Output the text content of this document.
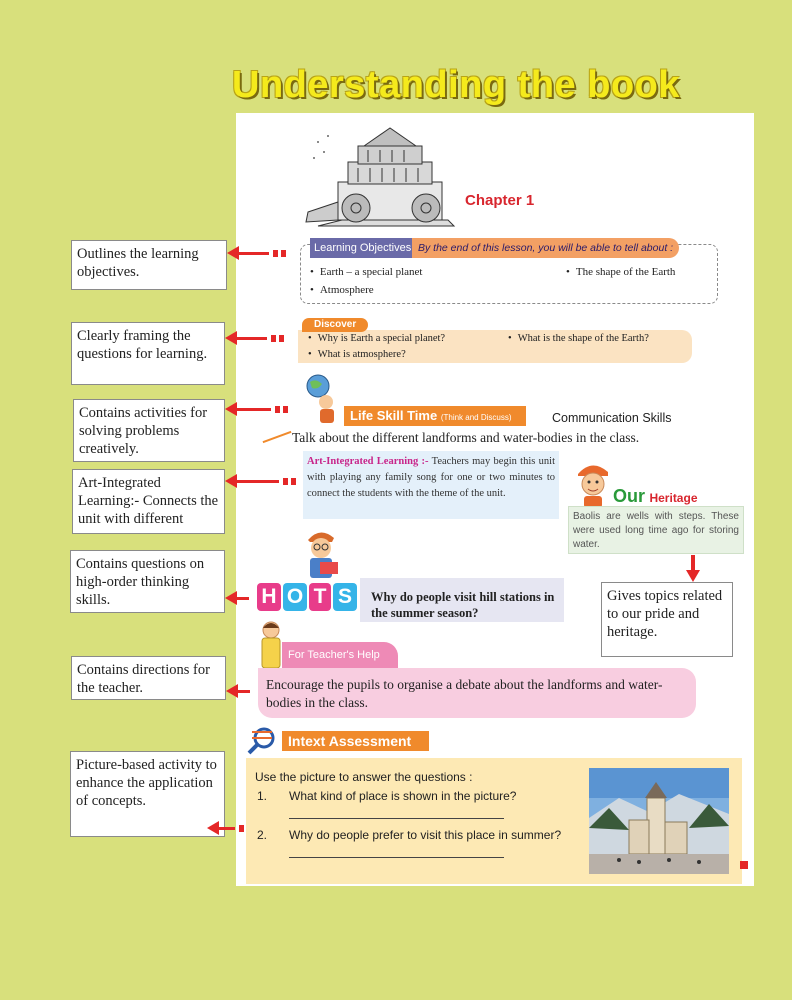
Understanding the book
Chapter 1
Learning Objectives By the end of this lesson, you will be able to tell about :
• Earth – a special planet	• The shape of the Earth
• Atmosphere
Discover
• Why is Earth a special planet?	• What is the shape of the Earth?
• What is atmosphere?
Life Skill Time (Think and Discuss)	Communication Skills
Talk about the different landforms and water-bodies in the class.
Art-Integrated Learning :- Teachers may begin this unit with playing any family song for one or two minutes to connect the students with the theme of the unit.	Our Heritage
Baolis are wells with steps. These were used long time ago for storing water.
H O T S	Why do people visit hill stations in the summer season?
For Teacher's Help
Encourage the pupils to organise a debate about the landforms and water- bodies in the class.
Intext Assessment
Use the picture to answer the questions :
1. What kind of place is shown in the picture?
2. Why do people prefer to visit this place in summer?
Outlines the learning objectives.
Clearly framing the questions for learning.
Contains activities for solving problems creatively.
Art-Integrated Learning:- Connects the unit with different
Contains questions on high-order thinking skills.
Contains directions for the teacher.
Picture-based activity to enhance the application of concepts.
Gives topics related to our pride and heritage.
